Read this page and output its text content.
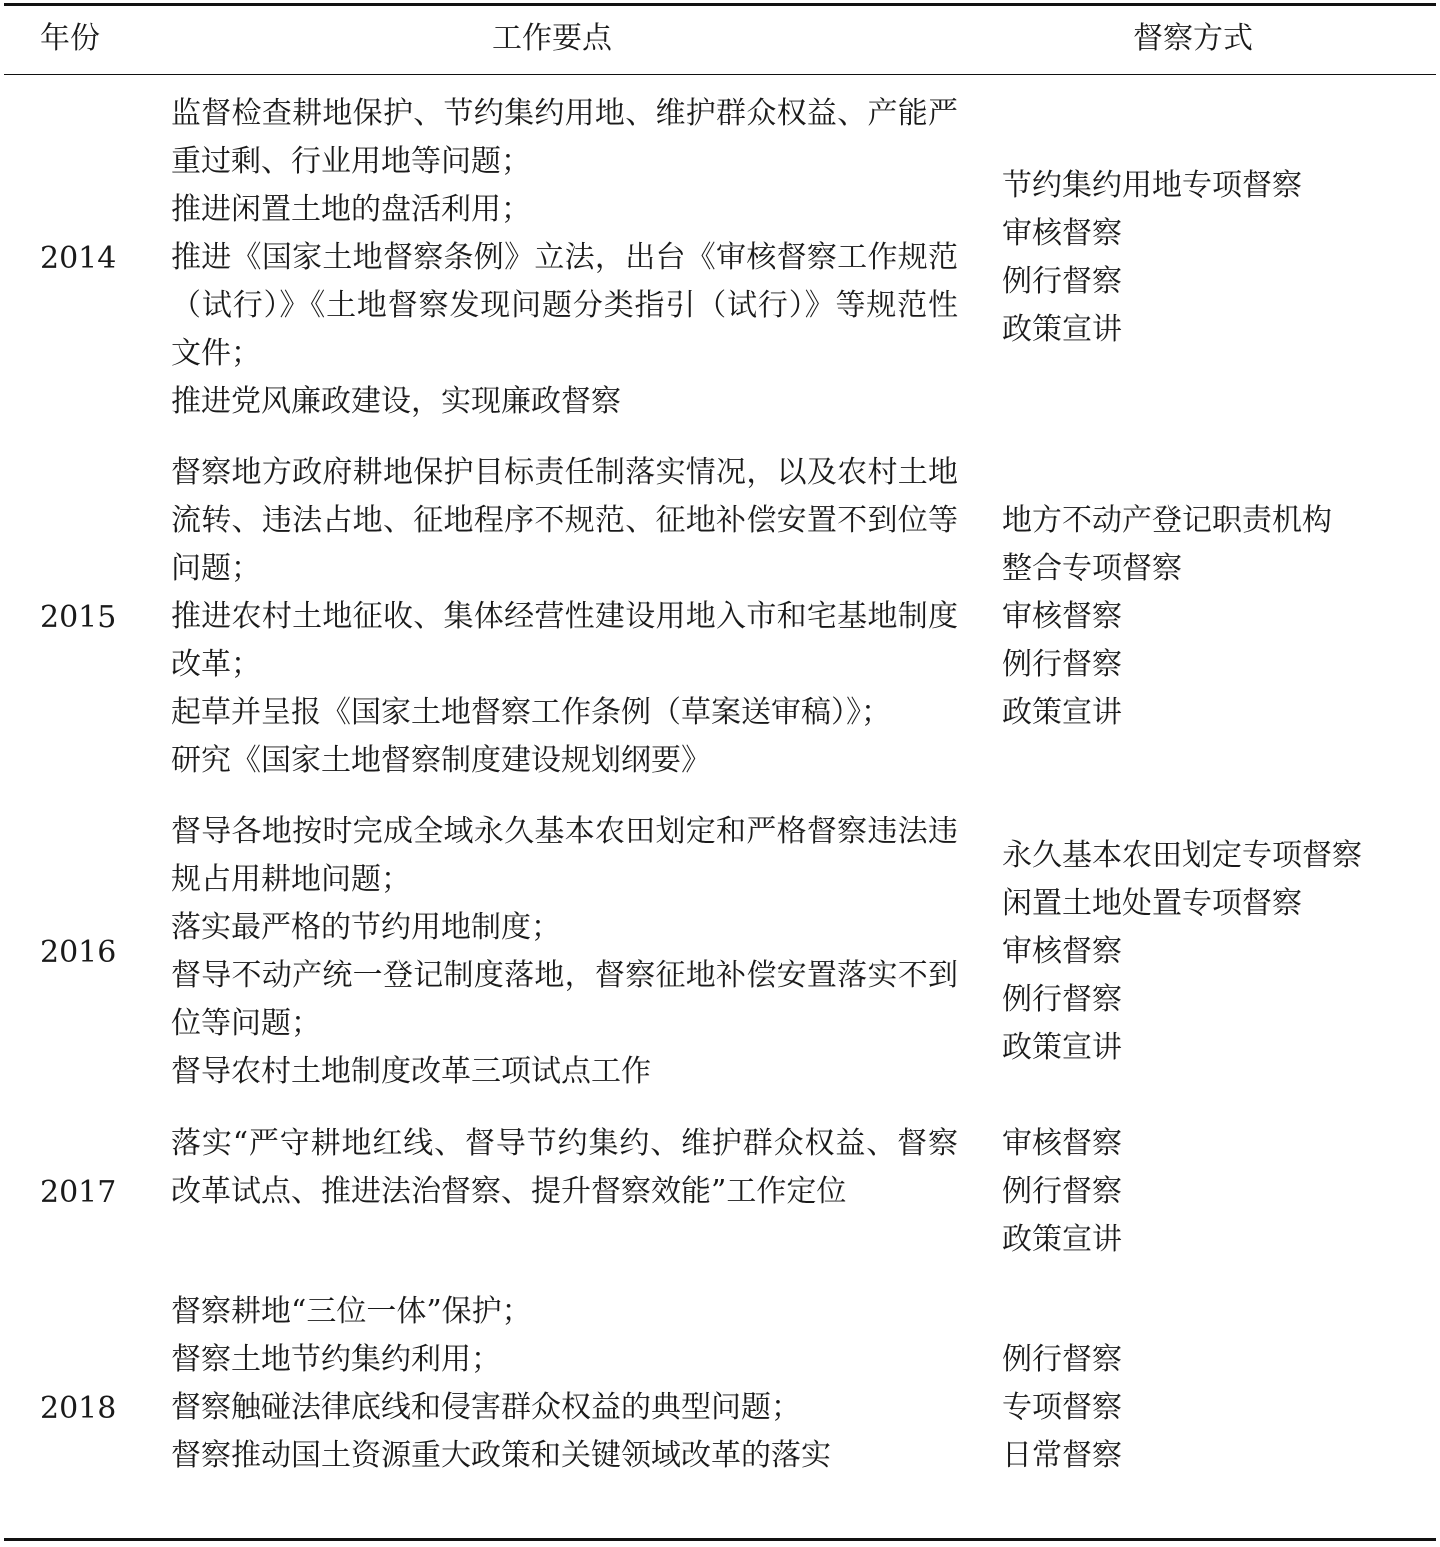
年份	工作要点	督察方式
2014
监督检查耕地保护、节约集约用地、维护群众权益、产能严重过剩、行业用地等问题；
推进闲置土地的盘活利用；
推进《国家土地督察条例》立法，出台《审核督察工作规范（试行）》《土地督察发现问题分类指引（试行）》等规范性文件；
推进党风廉政建设，实现廉政督察
节约集约用地专项督察
审核督察
例行督察
政策宣讲
2015
督察地方政府耕地保护目标责任制落实情况，以及农村土地流转、违法占地、征地程序不规范、征地补偿安置不到位等问题；
推进农村土地征收、集体经营性建设用地入市和宅基地制度改革；
起草并呈报《国家土地督察工作条例（草案送审稿）》；
研究《国家土地督察制度建设规划纲要》
地方不动产登记职责机构
整合专项督察
审核督察
例行督察
政策宣讲
2016
督导各地按时完成全域永久基本农田划定和严格督察违法违规占用耕地问题；
落实最严格的节约用地制度；
督导不动产统一登记制度落地，督察征地补偿安置落实不到位等问题；
督导农村土地制度改革三项试点工作
永久基本农田划定专项督察
闲置土地处置专项督察
审核督察
例行督察
政策宣讲
2017
落实“严守耕地红线、督导节约集约、维护群众权益、督察改革试点、推进法治督察、提升督察效能”工作定位
审核督察
例行督察
政策宣讲
2018
督察耕地“三位一体”保护；
督察土地节约集约利用；
督察触碰法律底线和侵害群众权益的典型问题；
督察推动国土资源重大政策和关键领域改革的落实
例行督察
专项督察
日常督察
